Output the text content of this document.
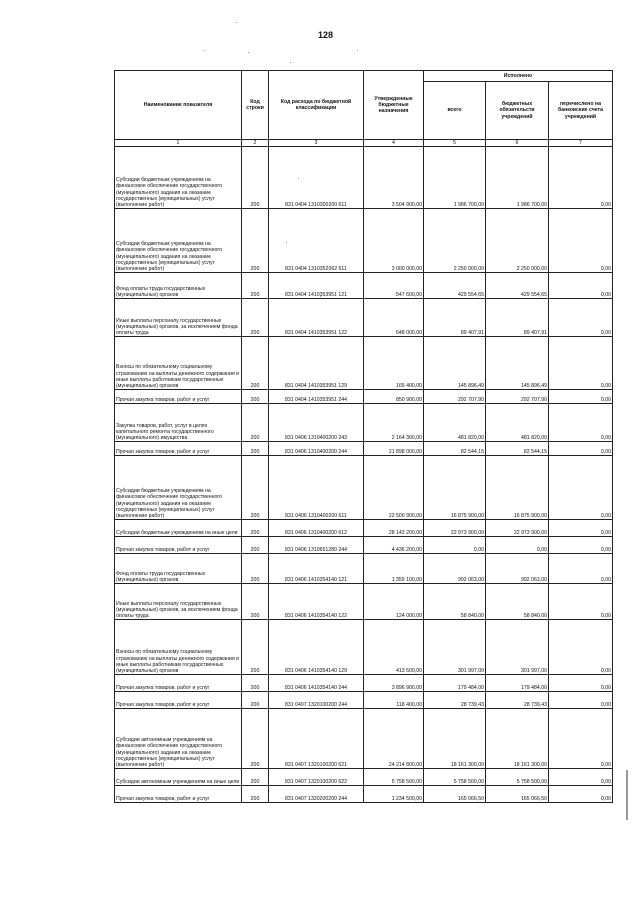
128
Наименование показателя	Код строки	Код расхода по бюджетной классификации	Утвержденные бюджетные назначения	Исполнено		
				всего	бюджетных обязательств учреждений	перечислено на банковские счета учреждений
1	2	3	4	5	6	7
Субсидии бюджетным учреждениям на финансовое обеспечение государственного (муниципального) задания на оказание государственных (муниципальных) услуг (выполнение работ)	200	831 0404 1310300200 611	3 504 900,00	1 986 700,00	1 986 700,00	0,00
Субсидии бюджетным учреждениям на финансовое обеспечение государственного (муниципального) задания на оказание государственных (муниципальных) услуг (выполнение работ)	200	831 0404 1310352062 611	3 000 000,00	2 250 000,00	2 250 000,00	0,00
Фонд оплаты труда государственных (муниципальных) органов	200	831 0404 1410353951 121	547 600,00	429 554,65	429 554,65	0,00
Иные выплаты персоналу государственных (муниципальных) органов, за исключением фонда оплаты труда	200	831 0404 1410353951 122	648 000,00	89 407,91	89 407,91	0,00
Взносы по обязательному социальному страхованию на выплаты денежного содержания и иные выплаты работникам государственных (муниципальных) органов	200	831 0404 1410353951 129	165 400,00	145 896,49	145 896,49	0,00
Прочая закупка товаров, работ и услуг	200	831 0404 1410353951 244	850 900,00	292 707,90	292 707,90	0,00
Закупка товаров, работ, услуг в целях капитального ремонта государственного (муниципального) имущества	200	831 0406 1310400200 243	2 164 300,00	481 820,00	481 820,00	0,00
Прочая закупка товаров, работ и услуг	200	831 0406 1310400200 244	21 898 000,00	82 544,15	82 544,15	0,00
Субсидии бюджетным учреждениям на финансовое обеспечение государственного (муниципального) задания на оказание государственных (муниципальных) услуг (выполнение работ)	200	831 0406 1310400200 611	22 500 900,00	16 875 900,00	16 875 900,00	0,00
Субсидии бюджетным учреждениям на иные цели	200	831 0406 1310400200 612	28 143 200,00	22 973 900,00	22 973 900,00	0,00
Прочая закупка товаров, работ и услуг	200	831 0406 1310651280 244	4 436 200,00	0,00	0,00	0,00
Фонд оплаты труда государственных (муниципальных) органов	200	831 0406 1410354140 121	1 359 100,00	992 063,00	992 063,00	0,00
Иные выплаты персоналу государственных (муниципальных) органов, за исключением фонда оплаты труда	200	831 0406 1410354140 122	124 000,00	58 840,00	58 840,00	0,00
Взносы по обязательному социальному страхованию на выплаты денежного содержания и иные выплаты работникам государственных (муниципальных) органов	200	831 0406 1410354140 129	413 500,00	301 997,00	301 997,00	0,00
Прочая закупка товаров, работ и услуг	200	831 0406 1410354140 244	3 896 900,00	179 484,00	179 484,00	0,00
Прочая закупка товаров, работ и услуг	200	831 0407 1320100200 244	118 400,00	28 739,43	28 739,43	0,00
Субсидии автономным учреждениям на финансовое обеспечение государственного (муниципального) задания на оказание государственных (муниципальных) услуг (выполнение работ)	200	831 0407 1320100200 621	24 214 800,00	18 161 300,00	18 161 300,00	0,00
Субсидии автономным учреждениям на иные цели	200	831 0407 1320100200 622	5 758 500,00	5 758 500,00	5 758 500,00	0,00
Прочая закупка товаров, работ и услуг	200	831 0407 1320200200 244	1 234 500,00	165 066,50	165 066,50	0,00
